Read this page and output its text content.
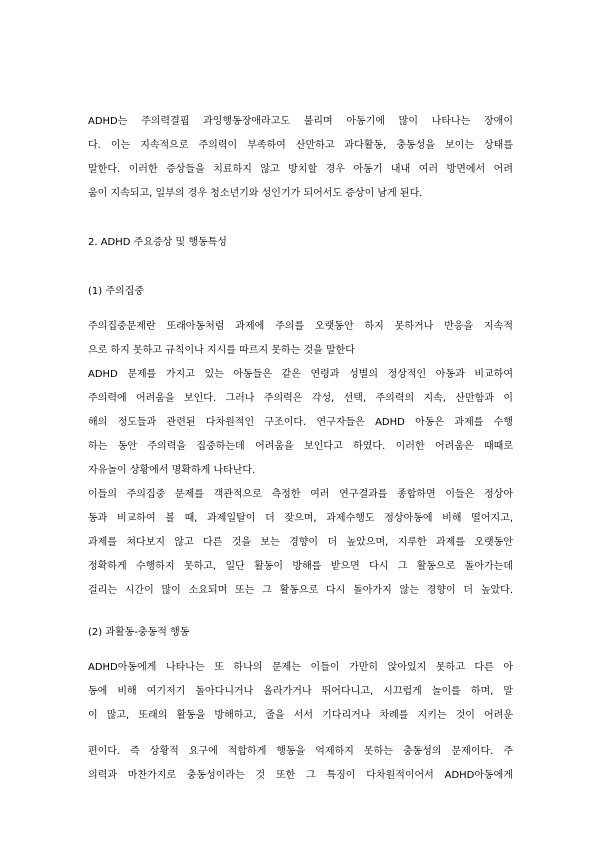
ADHD는 주의력결핍 과잉행동장애라고도 불리며 아동기에 많이 나타나는 장애이
다. 이는 지속적으로 주의력이 부족하여 산만하고 과다활동, 충동성을 보이는 상태를
말한다. 이러한 증상들을 치료하지 않고 방치할 경우 아동기 내내 여러 방면에서 어려
움이 지속되고, 일부의 경우 청소년기와 성인기가 되어서도 증상이 남게 된다.
2. ADHD 주요증상 및 행동특성
(1) 주의집중
주의집중문제란 또래아동처럼 과제에 주의를 오랫동안 하지 못하거나 반응을 지속적
으로 하지 못하고 규칙이나 지시를 따르지 못하는 것을 말한다
ADHD 문제를 가지고 있는 아동들은 같은 연령과 성별의 정상적인 아동과 비교하여
주의력에 어려움을 보인다. 그러나 주의력은 각성, 선택, 주의력의 지속, 산만함과 이
해의 정도들과 관련된 다차원적인 구조이다. 연구자들은 ADHD 아동은 과제를 수행
하는 동안 주의력을 집중하는데 어려움을 보인다고 하였다. 이러한 어려움은 때때로
자유놀이 상황에서 명확하게 나타난다.
이들의 주의집중 문제를 객관적으로 측정한 여러 연구결과를 종합하면 이들은 정상아
동과 비교하여 볼 때, 과제일탈이 더 잦으며, 과제수행도 정상아동에 비해 떨어지고,
과제를 쳐다보지 않고 다른 것을 보는 경향이 더 높았으며, 지루한 과제를 오랫동안
정확하게 수행하지 못하고, 일단 활동이 방해를 받으면 다시 그 활동으로 돌아가는데
걸리는 시간이 많이 소요되며 또는 그 활동으로 다시 돌아가지 않는 경향이 더 높았다.
(2) 과활동-충동적 행동
ADHD아동에게 나타나는 또 하나의 문제는 이들이 가만히 앉아있지 못하고 다른 아
동에 비해 여기저기 돌아다니거나 올라가거나 뛰어다니고, 시끄럽게 놀이를 하며, 말
이 많고, 또래의 활동을 방해하고, 줄을 서서 기다리거나 차례를 지키는 것이 어려운
편이다. 즉 상황적 요구에 적합하게 행동을 억제하지 못하는 충동성의 문제이다. 주
의력과 마찬가지로 충동성이라는 것 또한 그 특징이 다차원적이어서 ADHD아동에게
